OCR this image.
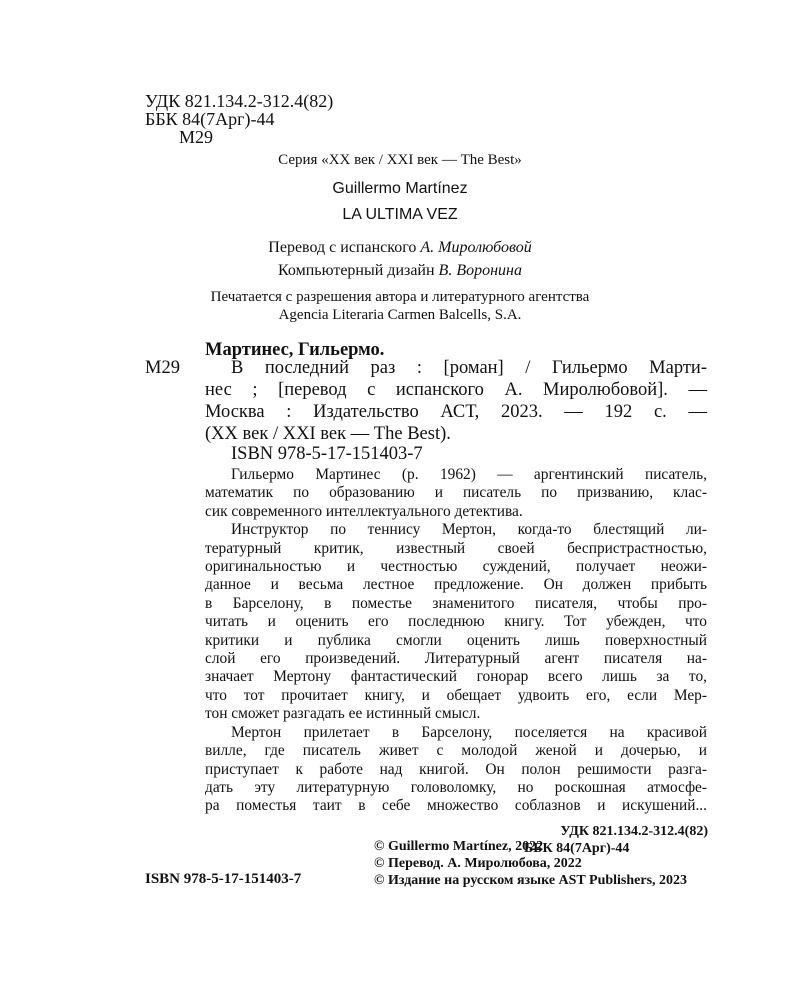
УДК 821.134.2-312.4(82)
ББК 84(7Арг)-44
М29
Серия «XX век / XXI век — The Best»
Guillermo Martínez
LA ULTIMA VEZ
Перевод с испанского А. Миролюбовой
Компьютерный дизайн В. Воронина
Печатается с разрешения автора и литературного агентства
Agencia Literaria Carmen Balcells, S.A.
М29
Мартинес, Гильермо.
В последний раз : [роман] / Гильермо Марти-
нес ; [перевод с испанского А. Миролюбовой]. —
Москва : Издательство АСТ, 2023. — 192 с. —
(XX век / XXI век — The Best).
ISBN 978-5-17-151403-7
Гильермо Мартинес (р. 1962) — аргентинский писатель,
математик по образованию и писатель по призванию, клас-
сик современного интеллектуального детектива.
Инструктор по теннису Мертон, когда-то блестящий ли-
тературный критик, известный своей беспристрастностью,
оригинальностью и честностью суждений, получает неожи-
данное и весьма лестное предложение. Он должен прибыть
в Барселону, в поместье знаменитого писателя, чтобы про-
читать и оценить его последнюю книгу. Тот убежден, что
критики и публика смогли оценить лишь поверхностный
слой его произведений. Литературный агент писателя на-
значает Мертону фантастический гонорар всего лишь за то,
что тот прочитает книгу, и обещает удвоить его, если Мер-
тон сможет разгадать ее истинный смысл.
Мертон прилетает в Барселону, поселяется на красивой
вилле, где писатель живет с молодой женой и дочерью, и
приступает к работе над книгой. Он полон решимости разга-
дать эту литературную головоломку, но роскошная атмосфе-
ра поместья таит в себе множество соблазнов и искушений...
УДК 821.134.2-312.4(82)
ББК 84(7Арг)-44
© Guillermo Martínez, 2022
© Перевод. А. Миролюбова, 2022
© Издание на русском языке AST Publishers, 2023
ISBN 978-5-17-151403-7
